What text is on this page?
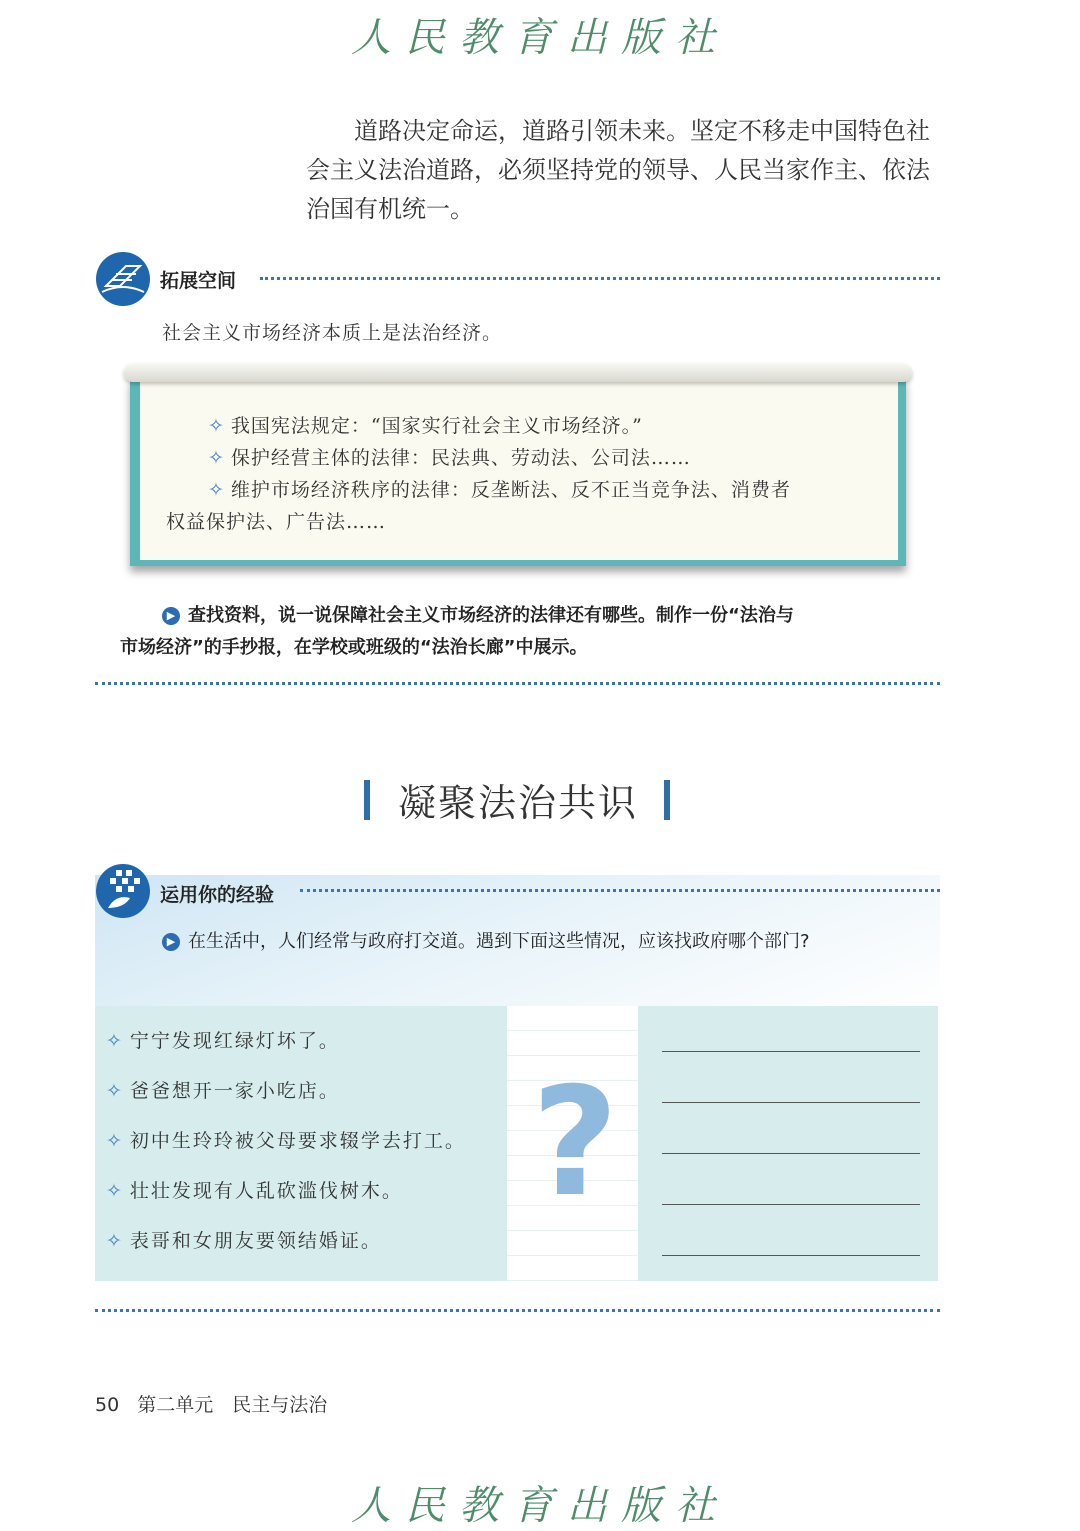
人民教育出版社

道路决定命运，道路引领未来。坚定不移走中国特色社会主义法治道路，必须坚持党的领导、人民当家作主、依法治国有机统一。

拓展空间
社会主义市场经济本质上是法治经济。
✧ 我国宪法规定：“国家实行社会主义市场经济。”
✧ 保护经营主体的法律：民法典、劳动法、公司法……
✧ 维护市场经济秩序的法律：反垄断法、反不正当竞争法、消费者
权益保护法、广告法……
▶ 查找资料，说一说保障社会主义市场经济的法律还有哪些。制作一份“法治与
市场经济”的手抄报，在学校或班级的“法治长廊”中展示。
凝聚法治共识
运用你的经验
▶ 在生活中，人们经常与政府打交道。遇到下面这些情况，应该找政府哪个部门?
?
✧ 宁宁发现红绿灯坏了。
✧ 爸爸想开一家小吃店。
✧ 初中生玲玲被父母要求辍学去打工。
✧ 壮壮发现有人乱砍滥伐树木。
✧ 表哥和女朋友要领结婚证。
50 第二单元　民主与法治
人民教育出版社
